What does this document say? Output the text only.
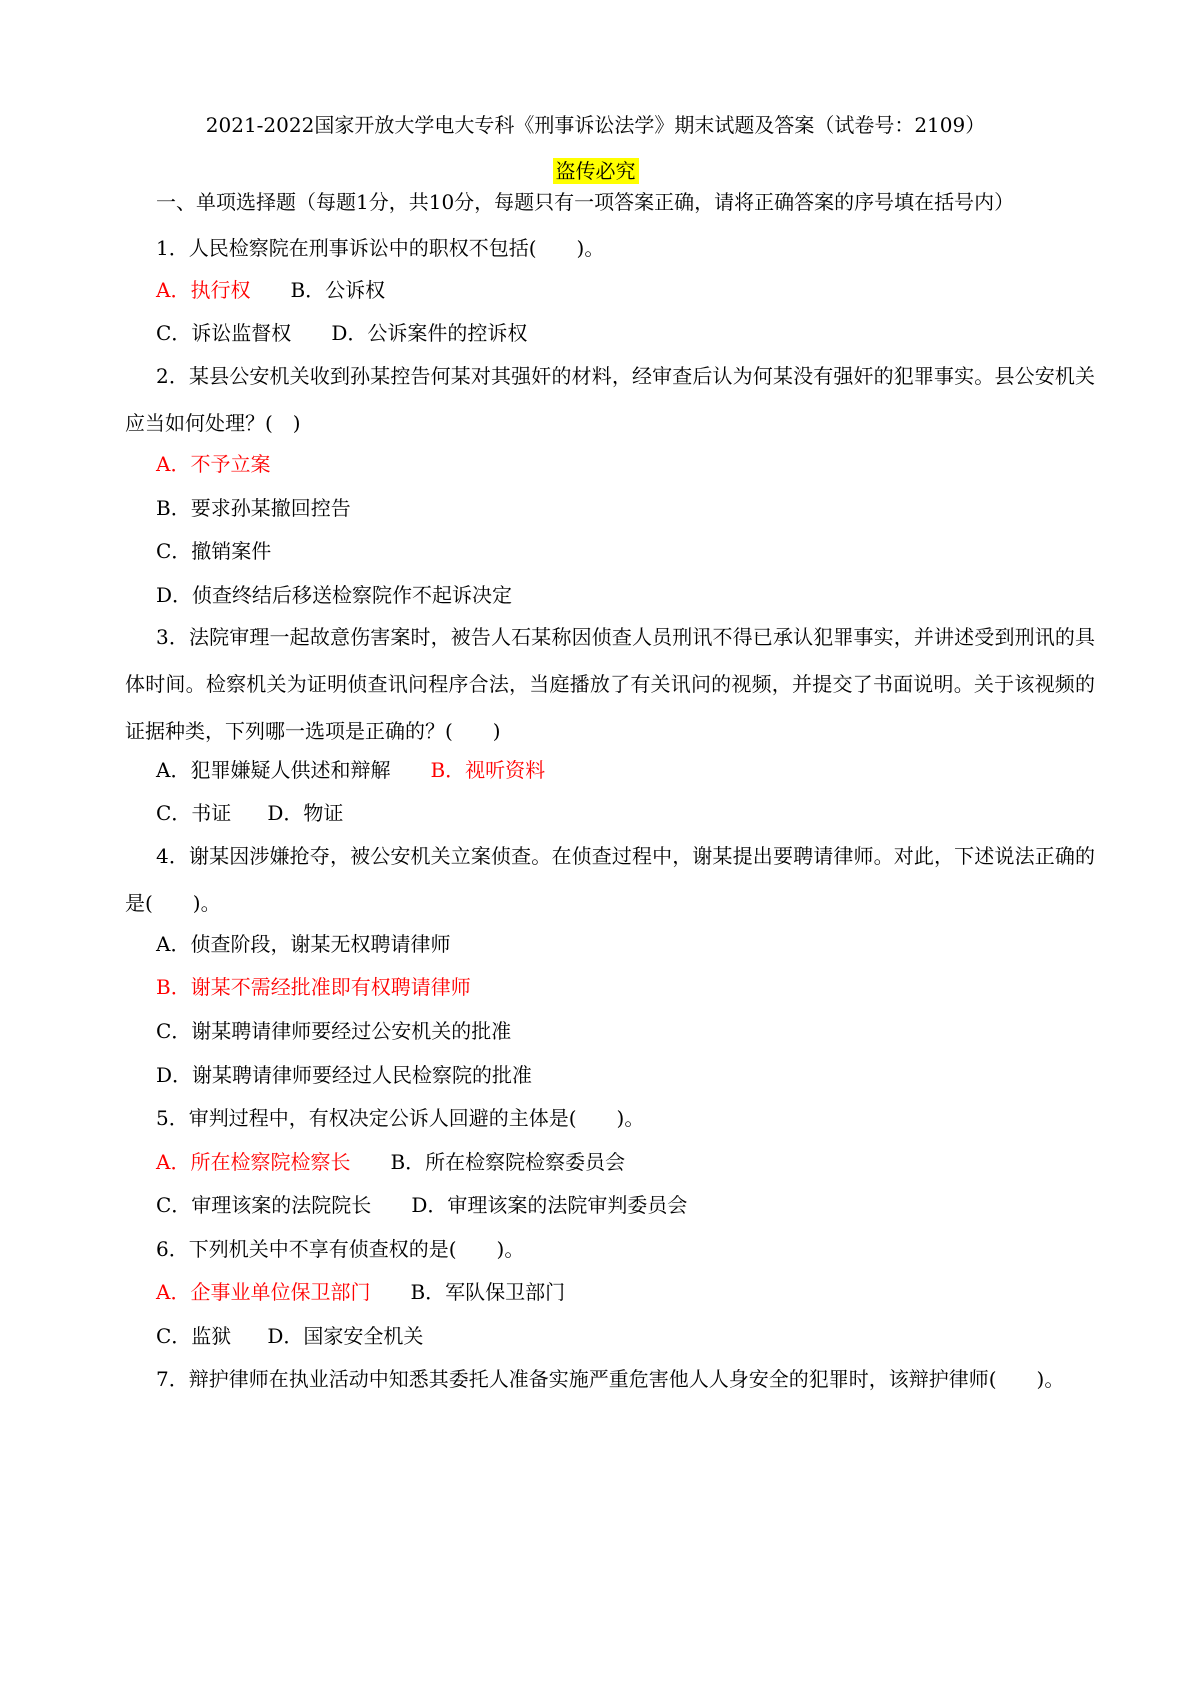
2021-2022国家开放大学电大专科《刑事诉讼法学》期末试题及答案（试卷号：2109）
盗传必究
一、单项选择题（每题1分，共10分，每题只有一项答案正确，请将正确答案的序号填在括号内）
1．人民检察院在刑事诉讼中的职权不包括(　　)。
A．执行权 B．公诉权
C．诉讼监督权 D．公诉案件的控诉权
2．某县公安机关收到孙某控告何某对其强奸的材料，经审查后认为何某没有强奸的犯罪事实。县公安机关应当如何处理？(　)
A．不予立案
B．要求孙某撤回控告
C．撤销案件
D．侦查终结后移送检察院作不起诉决定
3．法院审理一起故意伤害案时，被告人石某称因侦查人员刑讯不得已承认犯罪事实，并讲述受到刑讯的具体时间。检察机关为证明侦查讯问程序合法，当庭播放了有关讯问的视频，并提交了书面说明。关于该视频的证据种类，下列哪一选项是正确的？(　　)
A．犯罪嫌疑人供述和辩解 B．视听资料
C．书证 D．物证
4．谢某因涉嫌抢夺，被公安机关立案侦查。在侦查过程中，谢某提出要聘请律师。对此，下述说法正确的是(　　)。
A．侦查阶段，谢某无权聘请律师
B．谢某不需经批准即有权聘请律师
C．谢某聘请律师要经过公安机关的批准
D．谢某聘请律师要经过人民检察院的批准
5．审判过程中，有权决定公诉人回避的主体是(　　)。
A．所在检察院检察长 B．所在检察院检察委员会
C．审理该案的法院院长 D．审理该案的法院审判委员会
6．下列机关中不享有侦查权的是(　　)。
A．企事业单位保卫部门 B．军队保卫部门
C．监狱 D．国家安全机关
7．辩护律师在执业活动中知悉其委托人准备实施严重危害他人人身安全的犯罪时，该辩护律师(　　)。
